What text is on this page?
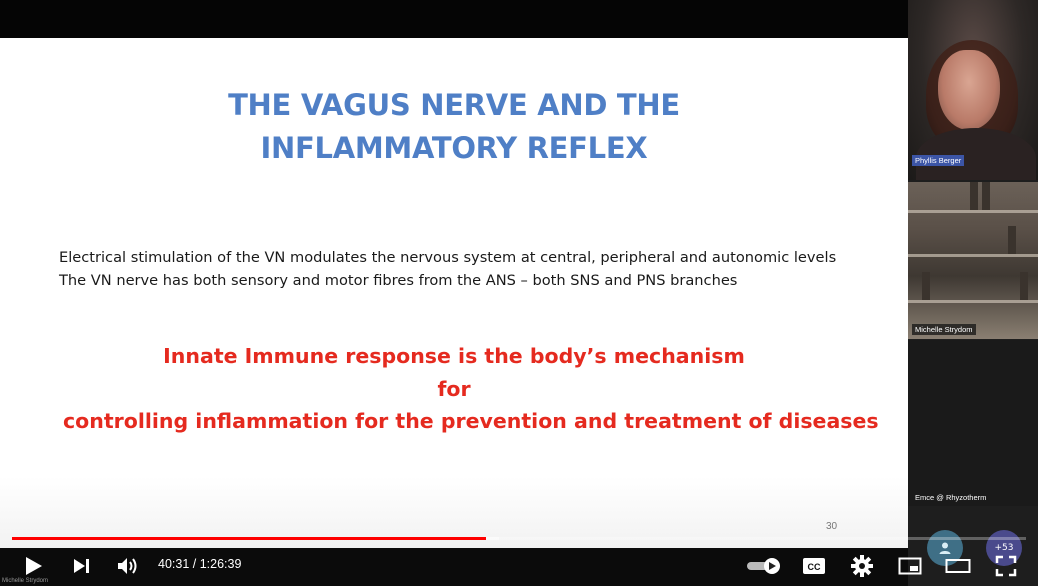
THE VAGUS NERVE AND THE
INFLAMMATORY REFLEX
Electrical stimulation of the VN modulates the nervous system at central, peripheral and autonomic levels
The VN nerve has both sensory and motor fibres from the ANS – both SNS and PNS branches
Innate Immune response is the body’s mechanism
for
controlling inflammation for the prevention and treatment of diseases
30
Phyllis Berger
Michelle Strydom
Emce @ Rhyzotherm
+53
Michelle Strydom
40:31 / 1:26:39	CC
